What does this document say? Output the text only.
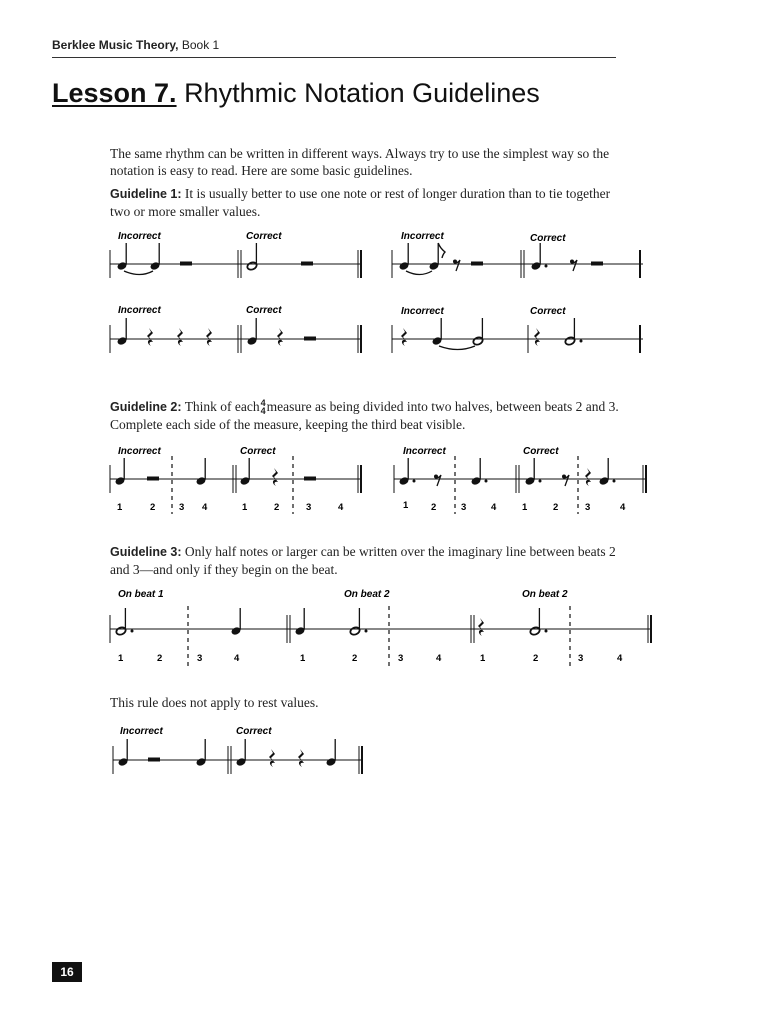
Berklee Music Theory, Book 1
Lesson 7. Rhythmic Notation Guidelines
The same rhythm can be written in different ways. Always try to use the simplest way so the notation is easy to read. Here are some basic guidelines.
Guideline 1: It is usually better to use one note or rest of longer duration than to tie together two or more smaller values.
Guideline 2: Think of each 4
4 measure as being divided into two halves, between beats 2 and 3. Complete each side of the measure, keeping the third beat visible.
Guideline 3: Only half notes or larger can be written over the imaginary line between beats 2 and 3—and only if they begin on the beat.
This rule does not apply to rest values.
Incorrect	Correct	Incorrect	Correct
Incorrect	Correct	Incorrect	Correct
Incorrect	Correct
1	2 3 4	1	2	3	4
Incorrect	Correct
1 2	3	4	1	2	3	4
On beat 1	On beat 2	On beat 2
1	2	3	4	1	2	3	4	1	2	3	4
Incorrect	Correct
16
